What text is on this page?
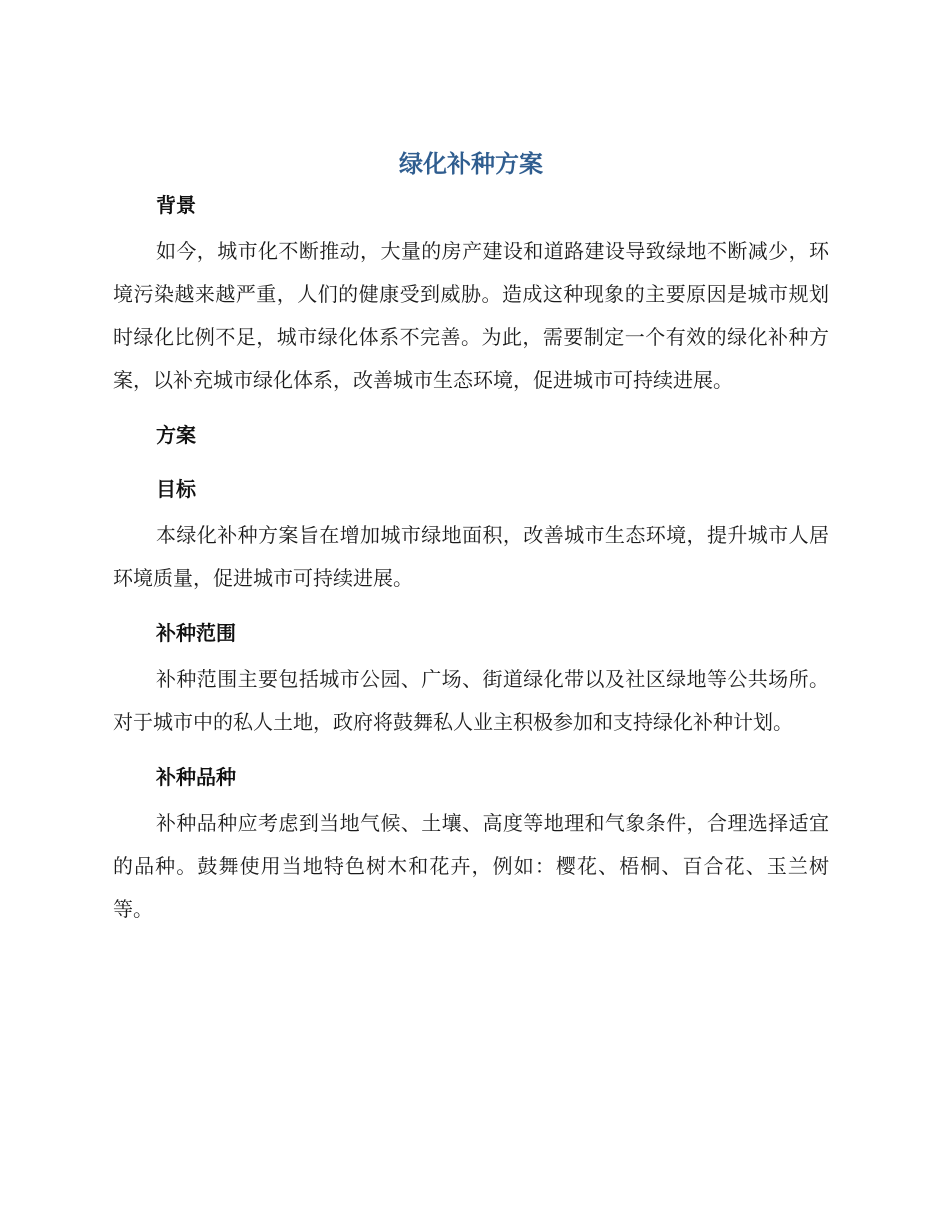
绿化补种方案
背景

如今，城市化不断推动，大量的房产建设和道路建设导致绿地不断减少，环境污染越来越严重，人们的健康受到威胁。造成这种现象的主要原因是城市规划时绿化比例不足，城市绿化体系不完善。为此，需要制定一个有效的绿化补种方案，以补充城市绿化体系，改善城市生态环境，促进城市可持续进展。

方案
目标

本绿化补种方案旨在增加城市绿地面积，改善城市生态环境，提升城市人居环境质量，促进城市可持续进展。

补种范围

补种范围主要包括城市公园、广场、街道绿化带以及社区绿地等公共场所。对于城市中的私人土地，政府将鼓舞私人业主积极参加和支持绿化补种计划。

补种品种

补种品种应考虑到当地气候、土壤、高度等地理和气象条件，合理选择适宜的品种。鼓舞使用当地特色树木和花卉，例如：樱花、梧桐、百合花、玉兰树等。
